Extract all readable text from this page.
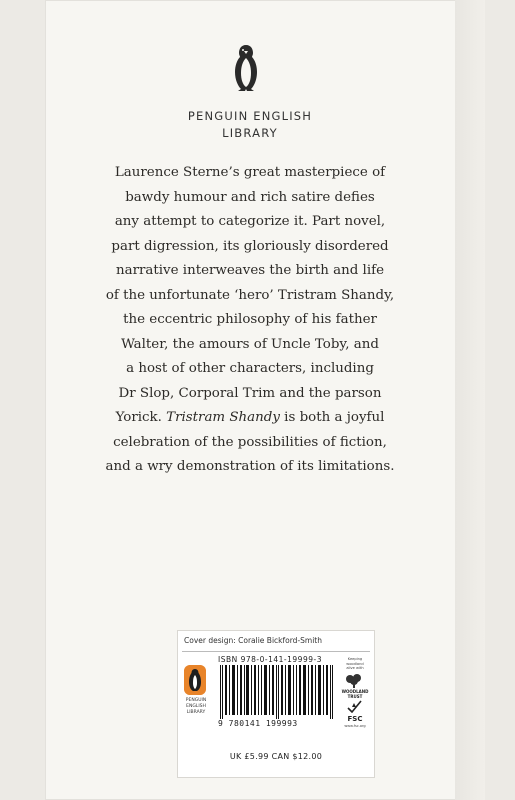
PENGUIN ENGLISH
LIBRARY
Laurence Sterne’s great masterpiece of
bawdy humour and rich satire defies
any attempt to categorize it. Part novel,
part digression, its gloriously disordered
narrative interweaves the birth and life
of the unfortunate ‘hero’ Tristram Shandy,
the eccentric philosophy of his father
Walter, the amours of Uncle Toby, and
a host of other characters, including
Dr Slop, Corporal Trim and the parson
Yorick. Tristram Shandy is both a joyful
celebration of the possibilities of fiction,
and a wry demonstration of its limitations.
Cover design: Coralie Bickford-Smith
PENGUIN
ENGLISH
LIBRARY
ISBN 978-0-141-19999-3
9 780141 199993
Keeping
woodland
alive with
WOODLAND
TRUST
FSC
www.fsc.org
UK £5.99 CAN $12.00
